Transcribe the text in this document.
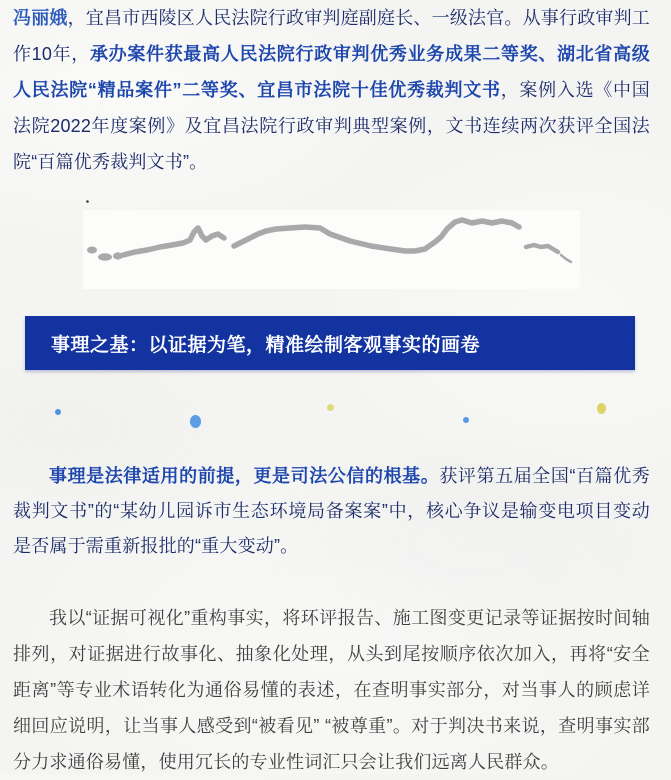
冯丽娥，宜昌市西陵区人民法院行政审判庭副庭长、一级法官。从事行政审判工作10年，承办案件获最高人民法院行政审判优秀业务成果二等奖、湖北省高级人民法院“精品案件”二等奖、宜昌市法院十佳优秀裁判文书，案例入选《中国法院2022年度案例》及宜昌法院行政审判典型案例，文书连续两次获评全国法院“百篇优秀裁判文书”。

事理之基：以证据为笔，精准绘制客观事实的画卷

事理是法律适用的前提，更是司法公信的根基。获评第五届全国“百篇优秀裁判文书”的“某幼儿园诉市生态环境局备案案”中，核心争议是输变电项目变动是否属于需重新报批的“重大变动”。

我以“证据可视化”重构事实，将环评报告、施工图变更记录等证据按时间轴排列，对证据进行故事化、抽象化处理，从头到尾按顺序依次加入，再将“安全距离”等专业术语转化为通俗易懂的表述，在查明事实部分，对当事人的顾虑详细回应说明，让当事人感受到“被看见” “被尊重”。对于判决书来说，查明事实部分力求通俗易懂，使用冗长的专业性词汇只会让我们远离人民群众。
